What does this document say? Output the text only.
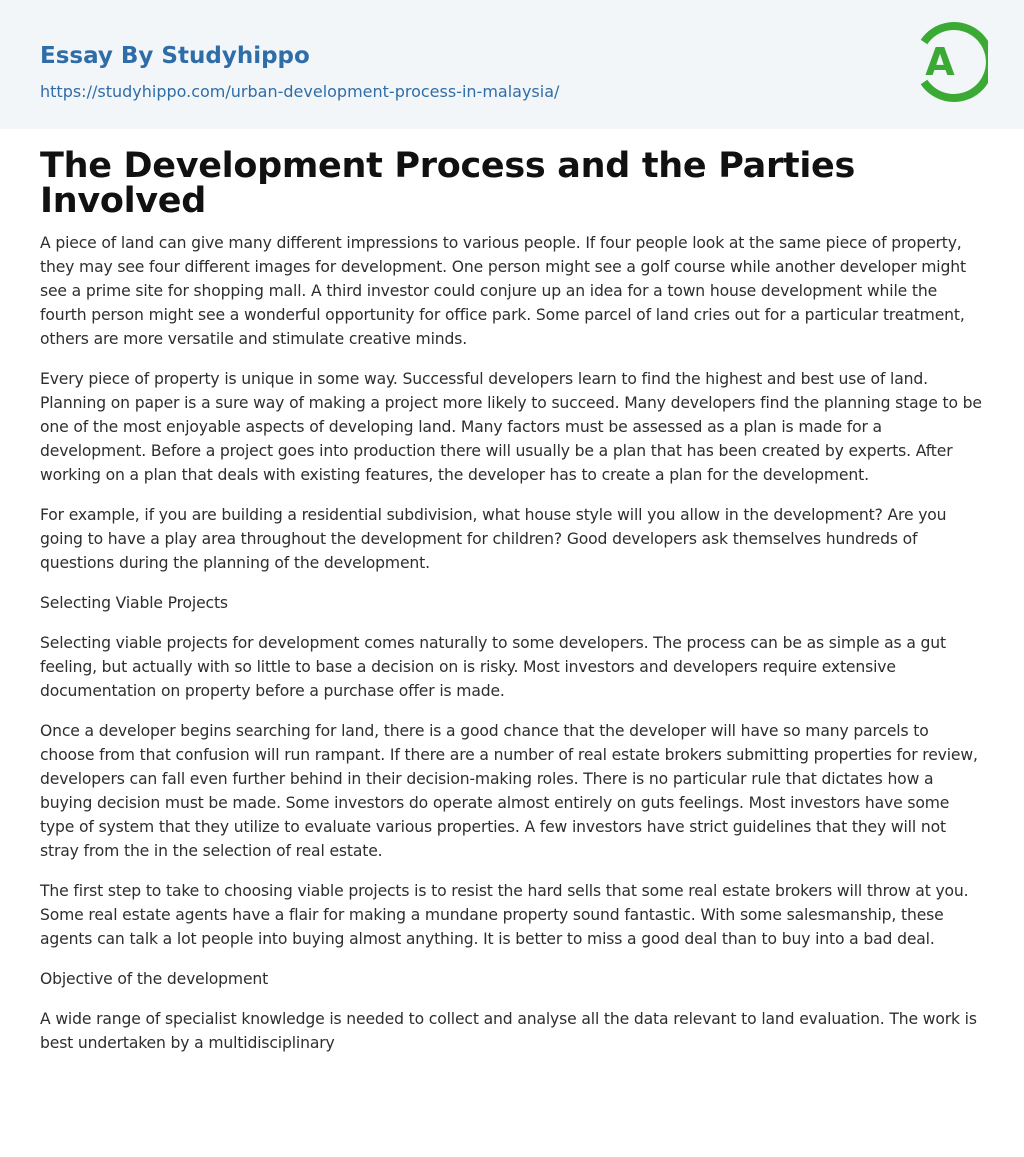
Essay By Studyhippo
https://studyhippo.com/urban-development-process-in-malaysia/
A
The Development Process and the Parties Involved

A piece of land can give many different impressions to various people. If four people look at the same piece of property, they may see four different images for development. One person might see a golf course while another developer might see a prime site for shopping mall. A third investor could conjure up an idea for a town house development while the fourth person might see a wonderful opportunity for office park. Some parcel of land cries out for a particular treatment, others are more versatile and stimulate creative minds.

Every piece of property is unique in some way. Successful developers learn to find the highest and best use of land. Planning on paper is a sure way of making a project more likely to succeed. Many developers find the planning stage to be one of the most enjoyable aspects of developing land. Many factors must be assessed as a plan is made for a development. Before a project goes into production there will usually be a plan that has been created by experts. After working on a plan that deals with existing features, the developer has to create a plan for the development.

For example, if you are building a residential subdivision, what house style will you allow in the development? Are you going to have a play area throughout the development for children? Good developers ask themselves hundreds of questions during the planning of the development.

Selecting Viable Projects

Selecting viable projects for development comes naturally to some developers. The process can be as simple as a gut feeling, but actually with so little to base a decision on is risky. Most investors and developers require extensive documentation on property before a purchase offer is made.

Once a developer begins searching for land, there is a good chance that the developer will have so many parcels to choose from that confusion will run rampant. If there are a number of real estate brokers submitting properties for review, developers can fall even further behind in their decision-making roles. There is no particular rule that dictates how a buying decision must be made. Some investors do operate almost entirely on guts feelings. Most investors have some type of system that they utilize to evaluate various properties. A few investors have strict guidelines that they will not stray from the in the selection of real estate.

The first step to take to choosing viable projects is to resist the hard sells that some real estate brokers will throw at you. Some real estate agents have a flair for making a mundane property sound fantastic. With some salesmanship, these agents can talk a lot people into buying almost anything. It is better to miss a good deal than to buy into a bad deal.

Objective of the development

A wide range of specialist knowledge is needed to collect and analyse all the data relevant to land evaluation. The work is best undertaken by a multidisciplinary
